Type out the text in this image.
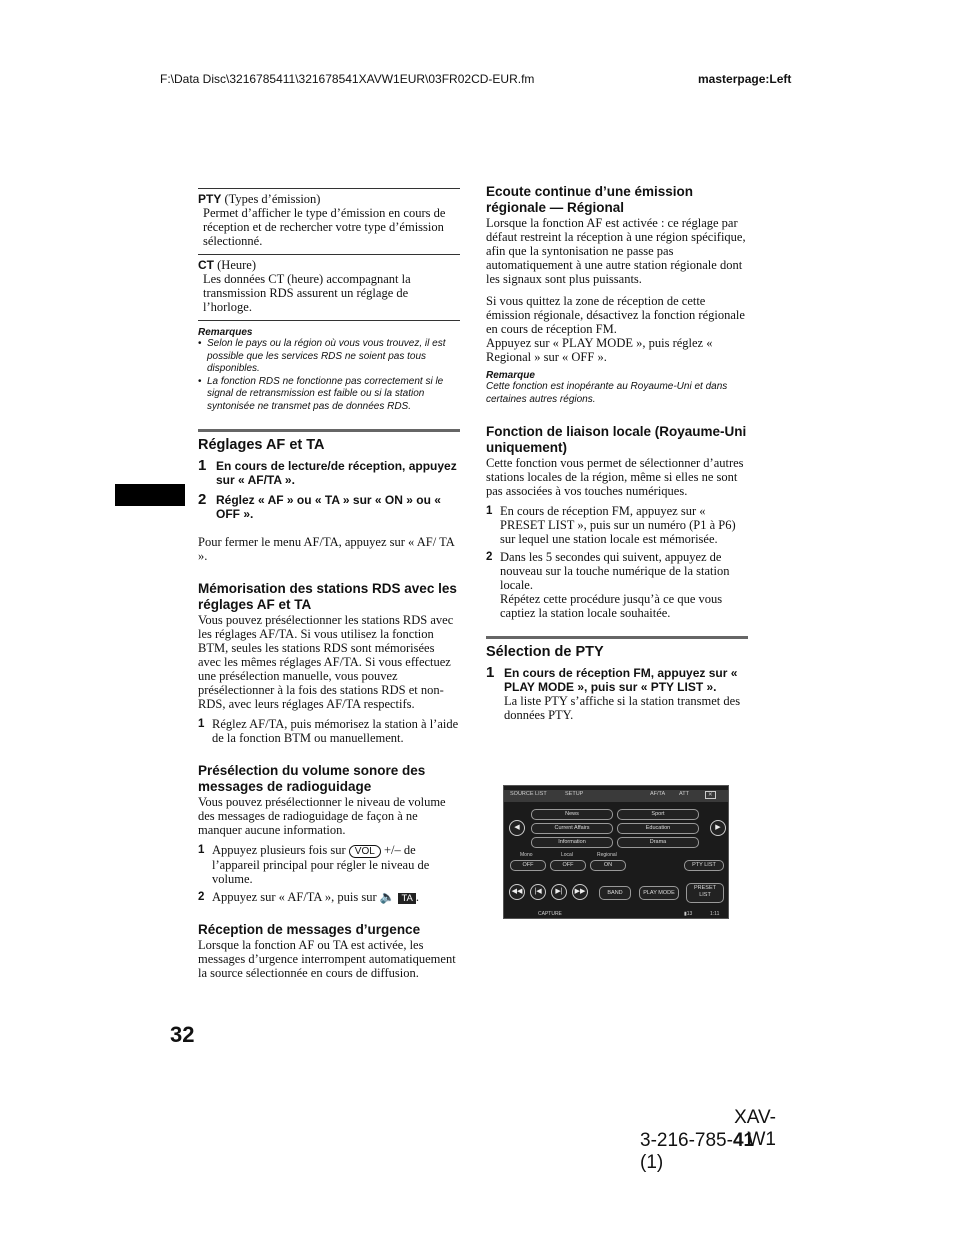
F:\Data Disc\3216785411\321678541XAVW1EUR\03FR02CD-EUR.fm	masterpage:Left
PTY (Types d’émission)
Permet d’afficher le type d’émission en cours de réception et de rechercher votre type d’émission sélectionné.
CT (Heure)
Les données CT (heure) accompagnant la transmission RDS assurent un réglage de l’horloge.
Remarques
• Selon le pays ou la région où vous vous trouvez, il est possible que les services RDS ne soient pas tous disponibles.
• La fonction RDS ne fonctionne pas correctement si le signal de retransmission est faible ou si la station syntonisée ne transmet pas de données RDS.
Réglages AF et TA
1 En cours de lecture/de réception, appuyez sur « AF/TA ».
2 Réglez « AF » ou « TA » sur « ON » ou « OFF ».
Pour fermer le menu AF/TA, appuyez sur « AF/ TA ».
Mémorisation des stations RDS avec les réglages AF et TA
Vous pouvez présélectionner les stations RDS avec les réglages AF/TA. Si vous utilisez la fonction BTM, seules les stations RDS sont mémorisées avec les mêmes réglages AF/TA. Si vous effectuez une présélection manuelle, vous pouvez présélectionner à la fois des stations RDS et non-RDS, avec leurs réglages AF/TA respectifs.
1 Réglez AF/TA, puis mémorisez la station à l’aide de la fonction BTM ou manuellement.
Présélection du volume sonore des messages de radioguidage
Vous pouvez présélectionner le niveau de volume des messages de radioguidage de façon à ne manquer aucune information.
1 Appuyez plusieurs fois sur VOL +/– de l’appareil principal pour régler le niveau de volume.
2 Appuyez sur « AF/TA », puis sur 🔈 TA .
Réception de messages d’urgence
Lorsque la fonction AF ou TA est activée, les messages d’urgence interrompent automatiquement la source sélectionnée en cours de diffusion.
Ecoute continue d’une émission régionale — Régional
Lorsque la fonction AF est activée : ce réglage par défaut restreint la réception à une région spécifique, afin que la syntonisation ne passe pas automatiquement à une autre station régionale dont les signaux sont plus puissants.
Si vous quittez la zone de réception de cette émission régionale, désactivez la fonction régionale en cours de réception FM.
Appuyez sur « PLAY MODE », puis réglez « Regional » sur « OFF ».
Remarque
Cette fonction est inopérante au Royaume-Uni et dans certaines autres régions.
Fonction de liaison locale (Royaume-Uni uniquement)
Cette fonction vous permet de sélectionner d’autres stations locales de la région, même si elles ne sont pas associées à vos touches numériques.
1 En cours de réception FM, appuyez sur « PRESET LIST », puis sur un numéro (P1 à P6) sur lequel une station locale est mémorisée.
2 Dans les 5 secondes qui suivent, appuyez de nouveau sur la touche numérique de la station locale.
Répétez cette procédure jusqu’à ce que vous captiez la station locale souhaitée.
Sélection de PTY
1 En cours de réception FM, appuyez sur « PLAY MODE », puis sur « PTY LIST ».
La liste PTY s’affiche si la station transmet des données PTY.
SOURCE LIST	SETUP	AF/TA	ATT	✕
◀	▶
News
Current Affairs
Information
Sport
Education
Drama
Mono	Local	Regional
OFF	OFF	ON	PTY LIST
◀◀	|◀	▶|	▶▶	BAND	PLAY MODE
PRESET
LIST
CAPTURE	▮13	1:11
32
XAV-W1
3-216-785-41 (1)
